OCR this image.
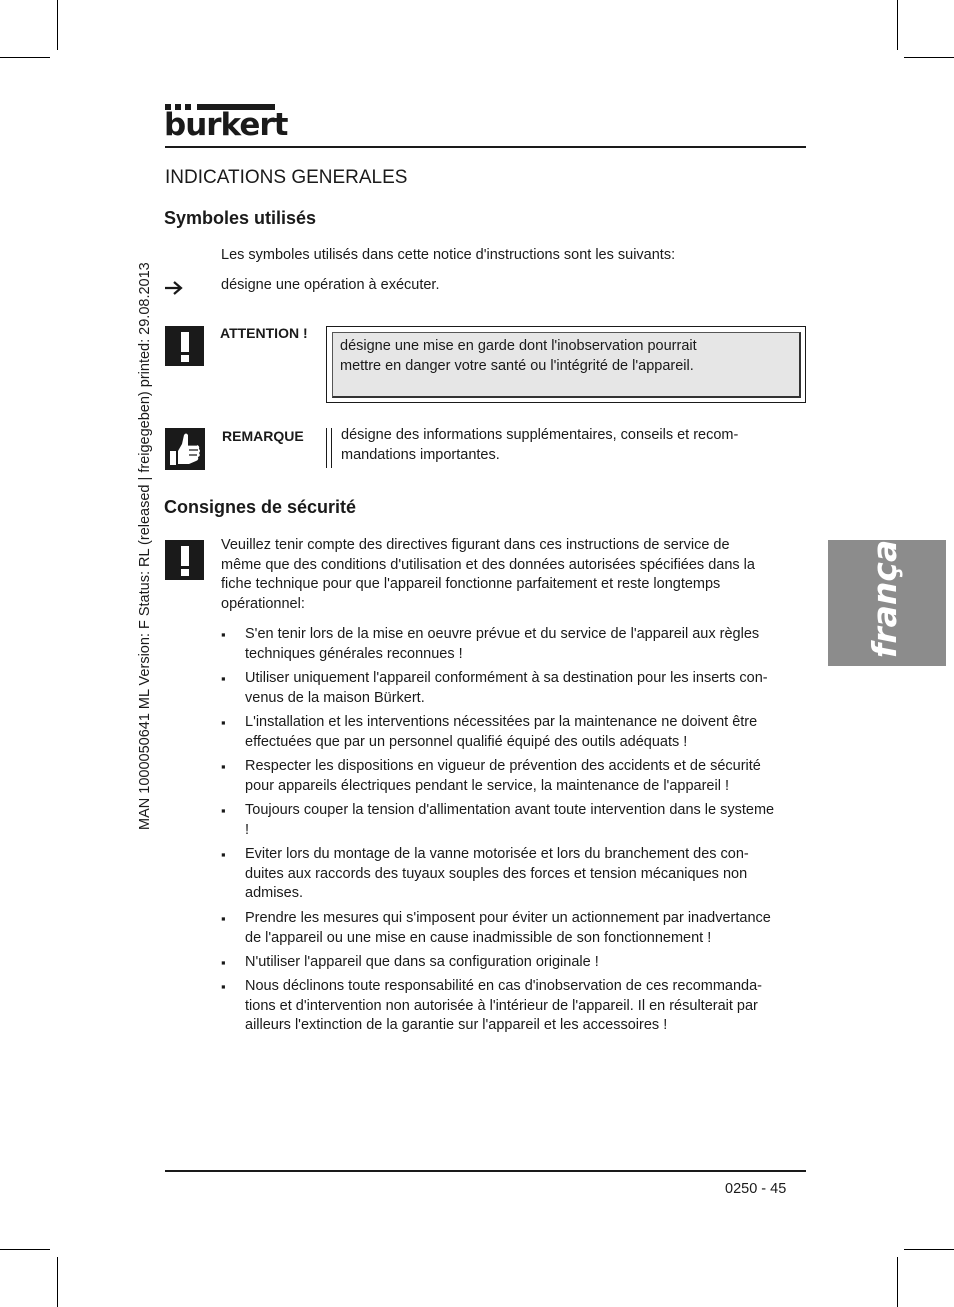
MAN 1000050641 ML Version: F Status: RL (released | freigegeben) printed: 29.08.2013
burkert
INDICATIONS GENERALES
Symboles utilisés
Les symboles utilisés dans cette notice d'instructions sont les suivants:
désigne une opération à exécuter.
ATTENTION !
désigne une mise en garde dont l'inobservation pourrait
mettre en danger votre santé ou l'intégrité de l'appareil.
REMARQUE	désigne des informations supplémentaires, conseils et recom-
mandations importantes.
Consignes de sécurité
Veuillez tenir compte des directives figurant dans ces instructions de service de
même que des conditions d'utilisation et des données autorisées spécifiées dans la
fiche technique pour que l'appareil fonctionne parfaitement et reste longtemps
opérationnel:
▪ S'en tenir lors de la mise en oeuvre prévue et du service de l'appareil aux règles
techniques générales reconnues !
▪ Utiliser uniquement l'appareil conformément à sa destination pour les inserts con-
venus de la maison Bürkert.
▪ L'installation et les interventions nécessitées par la maintenance ne doivent être
effectuées que par un personnel qualifié équipé des outils adéquats !
▪ Respecter les dispositions en vigueur de prévention des accidents et de sécurité
pour appareils électriques pendant le service, la maintenance de l'appareil !
▪ Toujours couper la tension d'allimentation avant toute intervention dans le systeme
!
▪ Eviter lors du montage de la vanne motorisée et lors du branchement des con-
duites aux raccords des tuyaux souples des forces et tension mécaniques non
admises.
▪ Prendre les mesures qui s'imposent pour éviter un actionnement par inadvertance
de l'appareil ou une mise en cause inadmissible de son fonctionnement !
▪ N'utiliser l'appareil que dans sa configuration originale !
▪ Nous déclinons toute responsabilité en cas d'inobservation de ces recommanda-
tions et d'intervention non autorisée à l'intérieur de l'appareil. Il en résulterait par
ailleurs l'extinction de la garantie sur l'appareil et les accessoires !
français
0250 - 45
